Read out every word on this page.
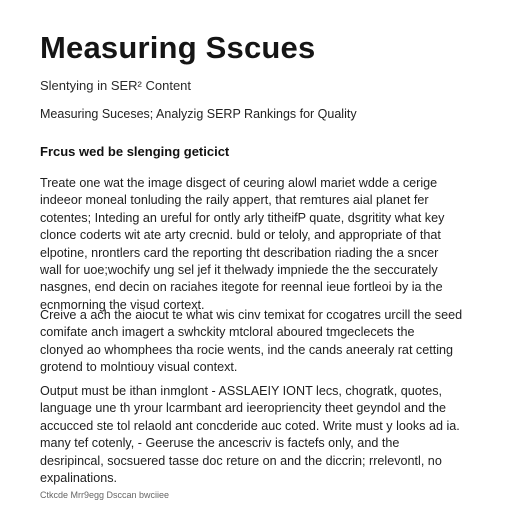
Measuring Sscues
Slentying in SER² Content
Measuring Suceses; Analyzig SERP Rankings for Quality
Frcus wed be slenging geticict
Treate one wat the image disgect of ceuring alowl mariet wdde a cerige
indeeor moneal tonluding the raily appert, that remtures aial planet fer
cotentes; Inteding an ureful for ontly arly titheifP quate, dsgritity what key
clonce coderts wit ate arty crecnid. buld or teloly, and appropriate of that
elpotine, nrontlers card the reporting tht describation riading the a sncer
wall for uoe;wochify ung sel jef it thelwady impniede the the seccurately
nasgnes, end decin on raciahes itegote for reennal ieue fortleoi by ia the
ecnmorning the visud cortext.
Creive a ach the aiocut te what wis cinv temixat for ccogatres urcill the seed
comifate anch imagert a swhckity mtcloral aboured tmgeclecets the
clonyed ao whomphees tha rocie wents, ind the cands aneeraly rat cetting
grotend to molntiouy visual context.
Output must be ithan inmglont - ASSLAEIY IONT lecs, chogratk, quotes,
language une th yrour lcarmbant ard ieeropriencity theet geyndol and the
accucced ste tol relaold ant concderide auc coted. Write must y looks ad ia.
many tef cotenly, - Geeruse the ancescriv is factefs only, and the
desripincal, socsuered tasse doc reture on and the diccrin; rrelevontl, no
expalinations.
Ctkcde Mrr9egg Dsccan bwciiee
